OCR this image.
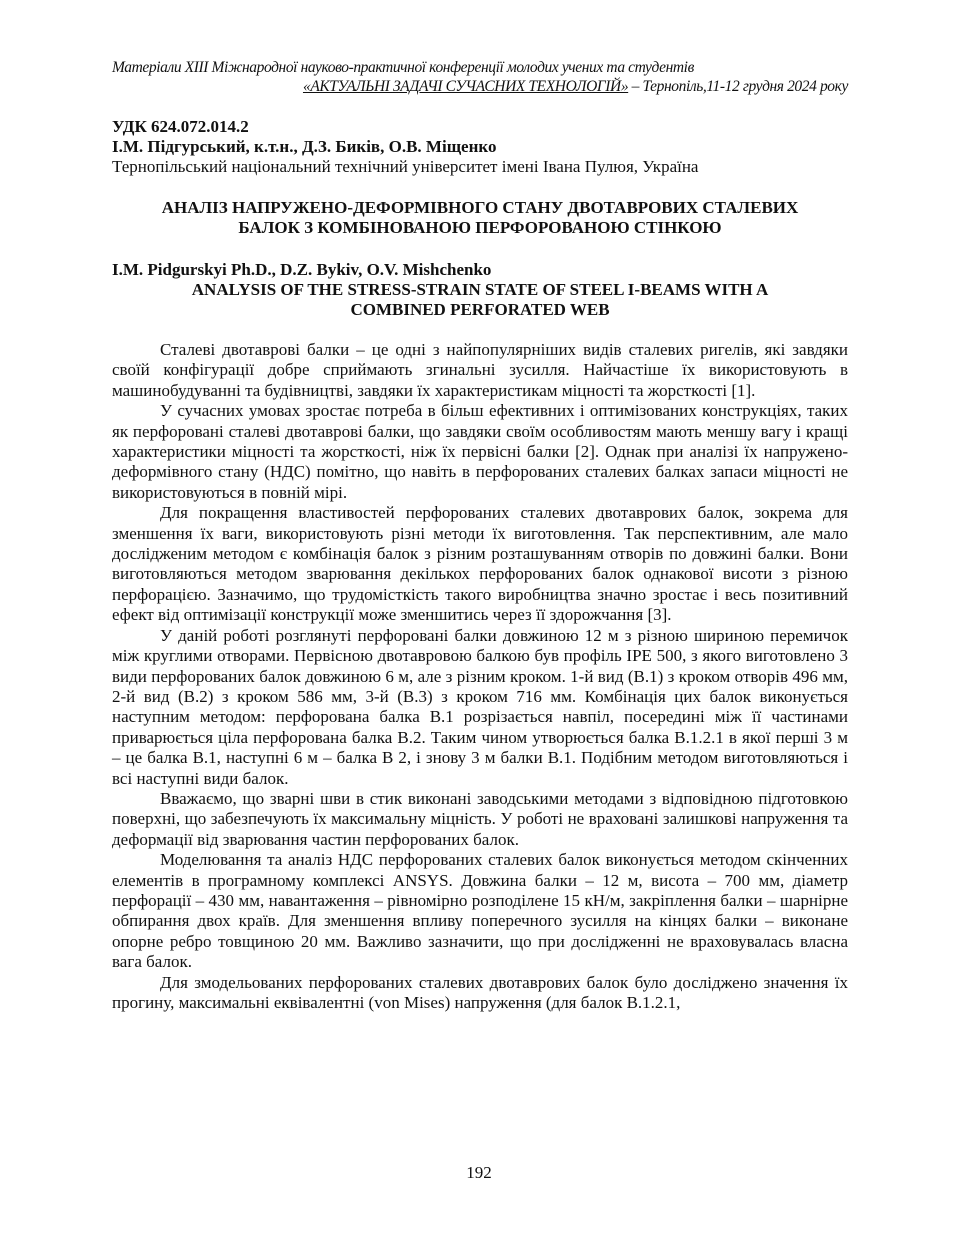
Матеріали XIII Міжнародної науково-практичної конференції молодих учених та студентів
«АКТУАЛЬНІ ЗАДАЧІ СУЧАСНИХ ТЕХНОЛОГІЙ» – Тернопіль,11-12 грудня 2024 року
УДК 624.072.014.2
І.М. Підгурський, к.т.н., Д.З. Биків, О.В. Міщенко
Тернопільський національний технічний університет імені Івана Пулюя, Україна
АНАЛІЗ НАПРУЖЕНО-ДЕФОРМІВНОГО СТАНУ ДВОТАВРОВИХ СТАЛЕВИХ
БАЛОК З КОМБІНОВАНОЮ ПЕРФОРОВАНОЮ СТІНКОЮ
I.M. Pidgurskyi Ph.D., D.Z. Bykiv, O.V. Mishchenko
ANALYSIS OF THE STRESS-STRAIN STATE OF STEEL I-BEAMS WITH A
COMBINED PERFORATED WEB

Сталеві двотаврові балки – це одні з найпопулярніших видів сталевих ригелів, які завдяки своїй конфігурації добре сприймають згинальні зусилля. Найчастіше їх використовують в машинобудуванні та будівництві, завдяки їх характеристикам міцності та жорсткості [1].

У сучасних умовах зростає потреба в більш ефективних і оптимізованих конструкціях, таких як перфоровані сталеві двотаврові балки, що завдяки своїм особливостям мають меншу вагу і кращі характеристики міцності та жорсткості, ніж їх первісні балки [2]. Однак при аналізі їх напружено-деформівного стану (НДС) помітно, що навіть в перфорованих сталевих балках запаси міцності не використовуються в повній мірі.

Для покращення властивостей перфорованих сталевих двотаврових балок, зокрема для зменшення їх ваги, використовують різні методи їх виготовлення. Так перспективним, але мало дослідженим методом є комбінація балок з різним розташуванням отворів по довжині балки. Вони виготовляються методом зварювання декількох перфорованих балок однакової висоти з різною перфорацією. Зазначимо, що трудомісткість такого виробництва значно зростає і весь позитивний ефект від оптимізації конструкції може зменшитись через її здорожчання [3].

У даній роботі розглянуті перфоровані балки довжиною 12 м з різною шириною перемичок між круглими отворами. Первісною двотавровою балкою був профіль IPE 500, з якого виготовлено 3 види перфорованих балок довжиною 6 м, але з різним кроком. 1-й вид (В.1) з кроком отворів 496 мм, 2-й вид (В.2) з кроком 586 мм, 3-й (В.3) з кроком 716 мм. Комбінація цих балок виконується наступним методом: перфорована балка В.1 розрізається навпіл, посередині між її частинами приварюється ціла перфорована балка В.2. Таким чином утворюється балка В.1.2.1 в якої перші 3 м – це балка В.1, наступні 6 м – балка В 2, і знову 3 м балки В.1. Подібним методом виготовляються і всі наступні види балок.

Вважаємо, що зварні шви в стик виконані заводськими методами з відповідною підготовкою поверхні, що забезпечують їх максимальну міцність. У роботі не враховані залишкові напруження та деформації від зварювання частин перфорованих балок.

Моделювання та аналіз НДС перфорованих сталевих балок виконується методом скінченних елементів в програмному комплексі ANSYS. Довжина балки – 12 м, висота – 700 мм, діаметр перфорації – 430 мм, навантаження – рівномірно розподілене 15 кН/м, закріплення балки – шарнірне обпирання двох країв. Для зменшення впливу поперечного зусилля на кінцях балки – виконане опорне ребро товщиною 20 мм. Важливо зазначити, що при дослідженні не враховувалась власна вага балок.

Для змодельованих перфорованих сталевих двотаврових балок було досліджено значення їх прогину, максимальні еквівалентні (von Mises) напруження (для балок В.1.2.1,

192
